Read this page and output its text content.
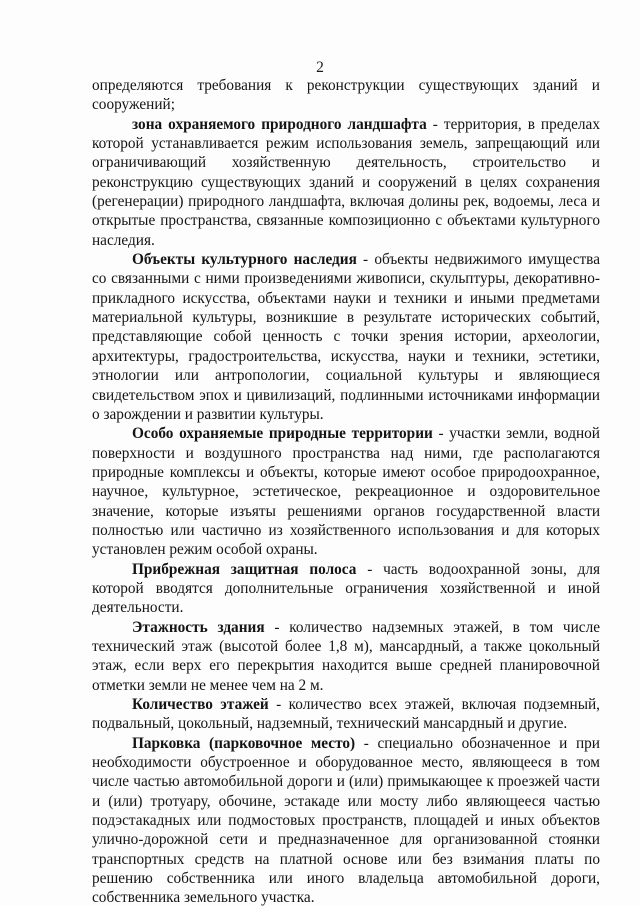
2

определяются требования к реконструкции существующих зданий и сооружений;

зона охраняемого природного ландшафта - территория, в пределах которой устанавливается режим использования земель, запрещающий или ограничивающий хозяйственную деятельность, строительство и реконструкцию существующих зданий и сооружений в целях сохранения (регенерации) природного ландшафта, включая долины рек, водоемы, леса и открытые пространства, связанные композиционно с объектами культурного наследия.

Объекты культурного наследия - объекты недвижимого имущества со связанными с ними произведениями живописи, скульптуры, декоративно-прикладного искусства, объектами науки и техники и иными предметами материальной культуры, возникшие в результате исторических событий, представляющие собой ценность с точки зрения истории, археологии, архитектуры, градостроительства, искусства, науки и техники, эстетики, этнологии или антропологии, социальной культуры и являющиеся свидетельством эпох и цивилизаций, подлинными источниками информации о зарождении и развитии культуры.

Особо охраняемые природные территории - участки земли, водной поверхности и воздушного пространства над ними, где располагаются природные комплексы и объекты, которые имеют особое природоохранное, научное, культурное, эстетическое, рекреационное и оздоровительное значение, которые изъяты решениями органов государственной власти полностью или частично из хозяйственного использования и для которых установлен режим особой охраны.

Прибрежная защитная полоса - часть водоохранной зоны, для которой вводятся дополнительные ограничения хозяйственной и иной деятельности.

Этажность здания - количество надземных этажей, в том числе технический этаж (высотой более 1,8 м), мансардный, а также цокольный этаж, если верх его перекрытия находится выше средней планировочной отметки земли не менее чем на 2 м.

Количество этажей - количество всех этажей, включая подземный, подвальный, цокольный, надземный, технический мансардный и другие.

Парковка (парковочное место) - специально обозначенное и при необходимости обустроенное и оборудованное место, являющееся в том числе частью автомобильной дороги и (или) примыкающее к проезжей части и (или) тротуару, обочине, эстакаде или мосту либо являющееся частью подэстакадных или подмостовых пространств, площадей и иных объектов улично-дорожной сети и предназначенное для организованной стоянки транспортных средств на платной основе или без взимания платы по решению собственника или иного владельца автомобильной дороги, собственника земельного участка.
